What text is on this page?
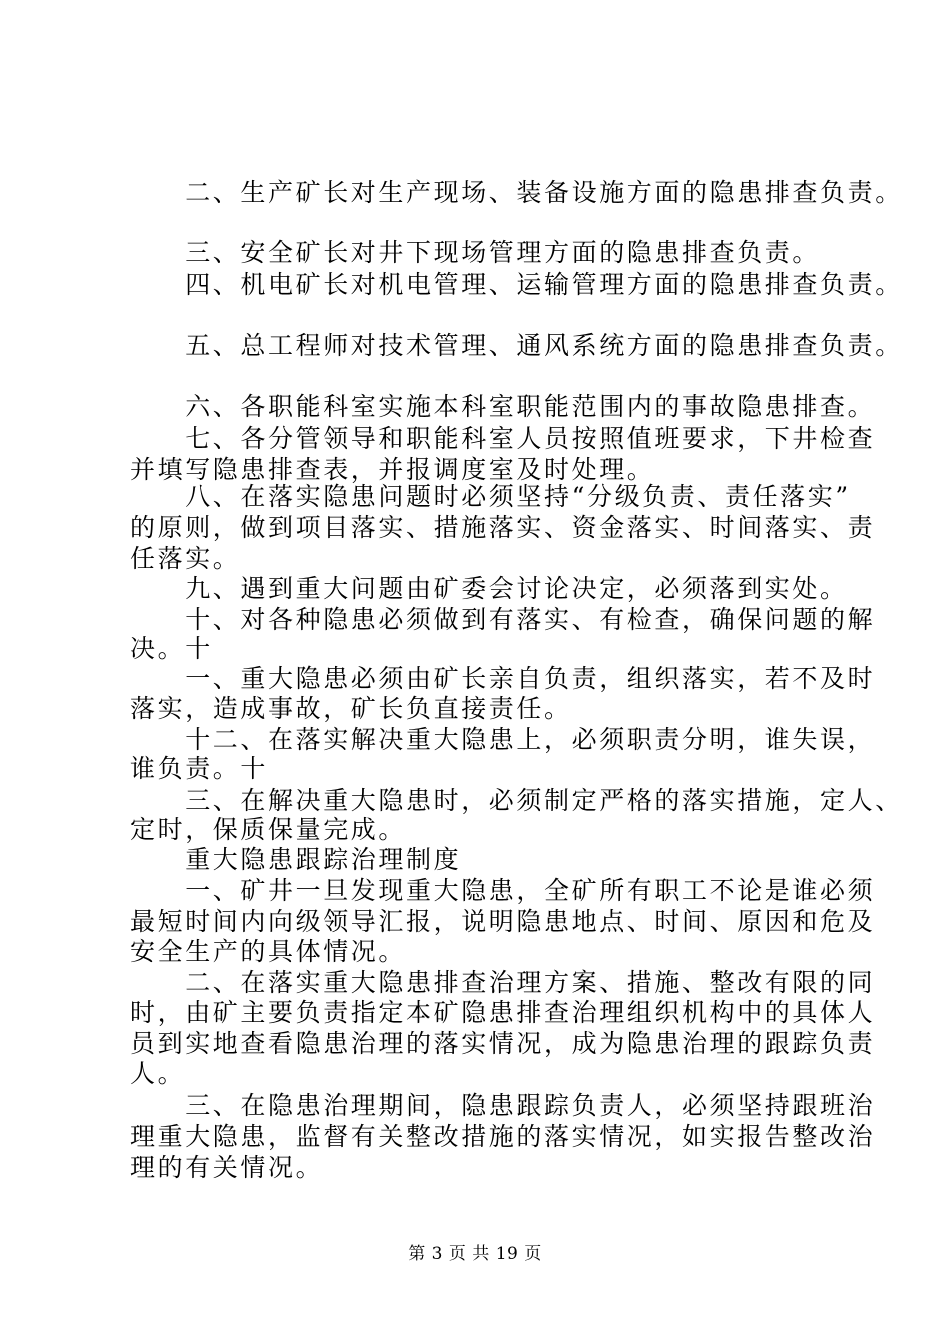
　　二、生产矿长对生产现场、装备设施方面的隐患排查负责。
　　三、安全矿长对井下现场管理方面的隐患排查负责。
　　四、机电矿长对机电管理、运输管理方面的隐患排查负责。
　　五、总工程师对技术管理、通风系统方面的隐患排查负责。
　　六、各职能科室实施本科室职能范围内的事故隐患排查。
　　七、各分管领导和职能科室人员按照值班要求，下井检查
并填写隐患排查表，并报调度室及时处理。
　　八、在落实隐患问题时必须坚持“分级负责、责任落实”
的原则，做到项目落实、措施落实、资金落实、时间落实、责
任落实。
　　九、遇到重大问题由矿委会讨论决定，必须落到实处。
　　十、对各种隐患必须做到有落实、有检查，确保问题的解
决。十
　　一、重大隐患必须由矿长亲自负责，组织落实，若不及时
落实，造成事故，矿长负直接责任。
　　十二、在落实解决重大隐患上，必须职责分明，谁失误，
谁负责。十
　　三、在解决重大隐患时，必须制定严格的落实措施，定人、
定时，保质保量完成。
　　重大隐患跟踪治理制度
　　一、矿井一旦发现重大隐患，全矿所有职工不论是谁必须
最短时间内向级领导汇报，说明隐患地点、时间、原因和危及
安全生产的具体情况。
　　二、在落实重大隐患排查治理方案、措施、整改有限的同
时，由矿主要负责指定本矿隐患排查治理组织机构中的具体人
员到实地查看隐患治理的落实情况，成为隐患治理的跟踪负责
人。
　　三、在隐患治理期间，隐患跟踪负责人，必须坚持跟班治
理重大隐患，监督有关整改措施的落实情况，如实报告整改治
理的有关情况。
第 3 页 共 19 页
